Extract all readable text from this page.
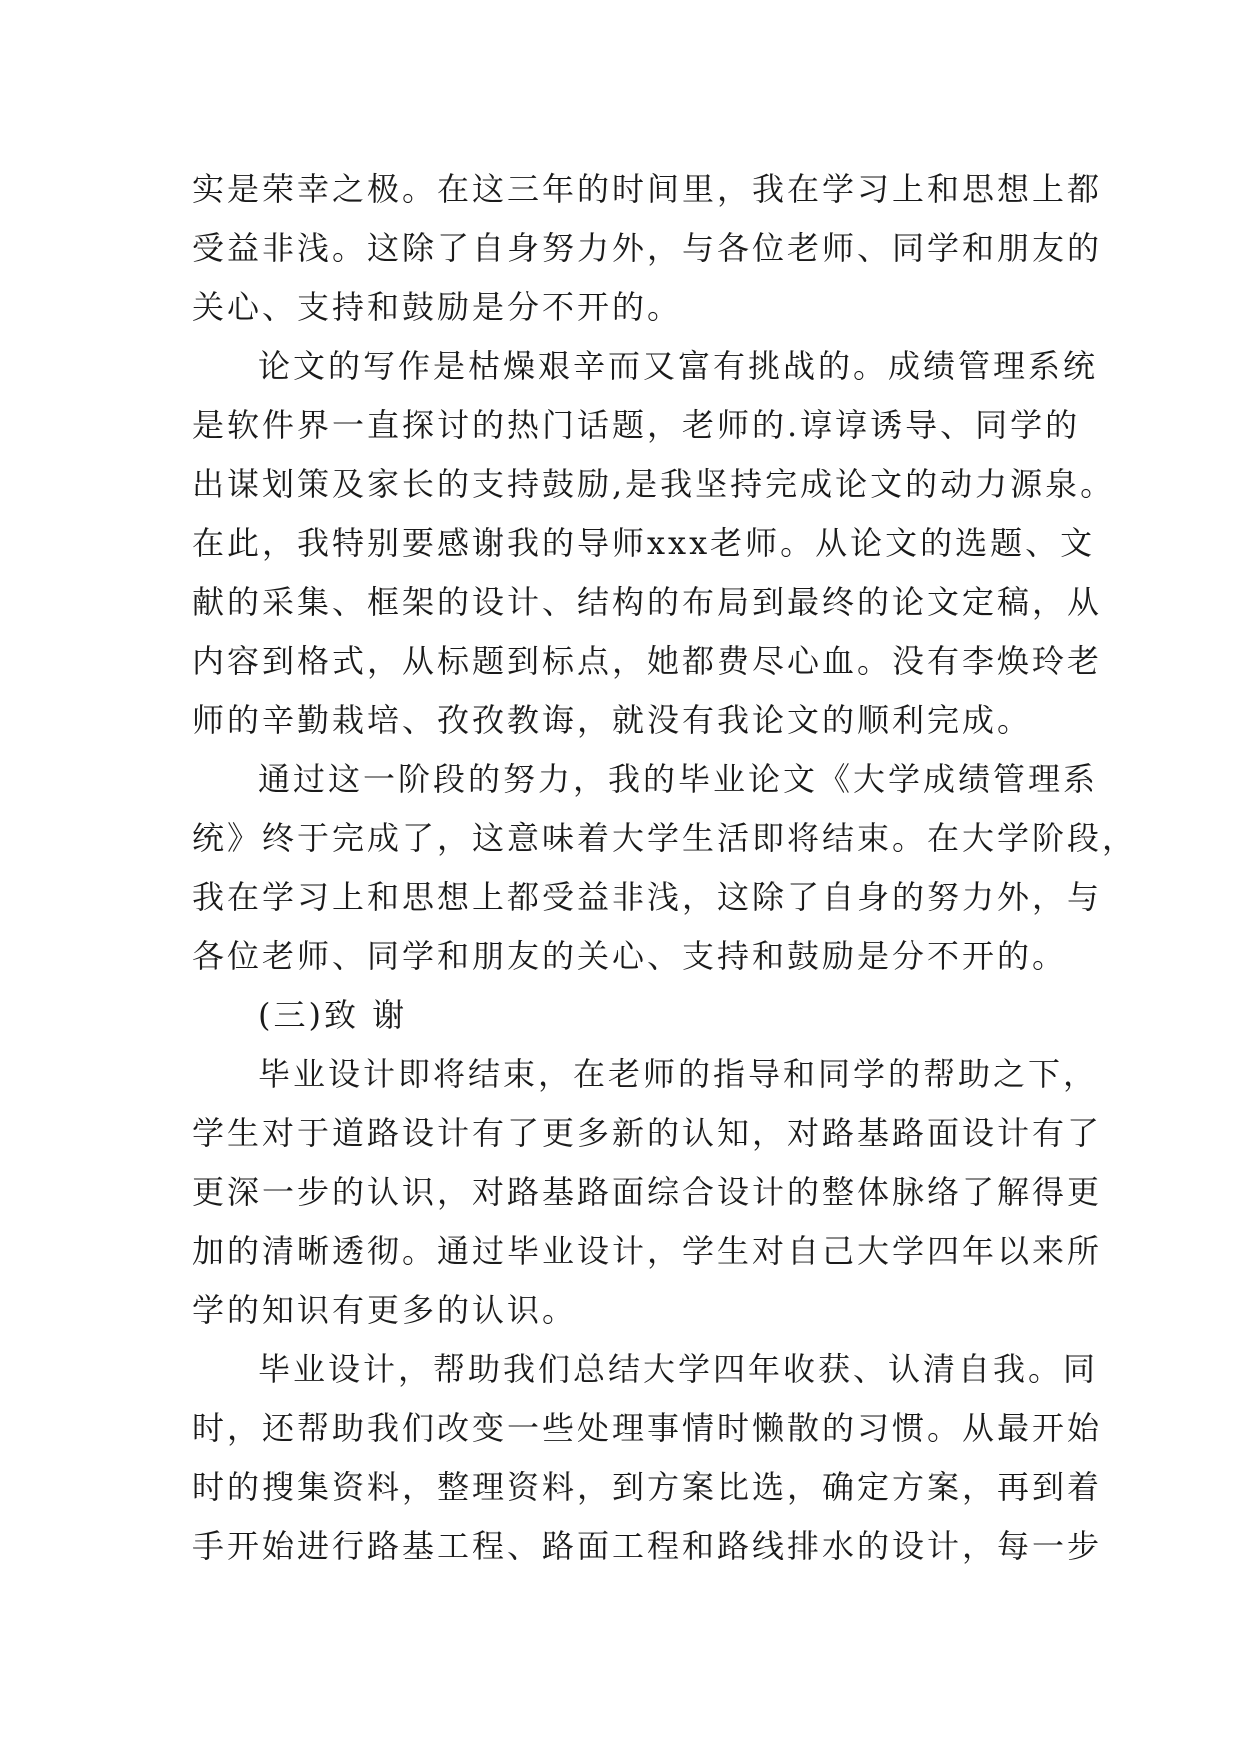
实是荣幸之极。在这三年的时间里，我在学习上和思想上都
受益非浅。这除了自身努力外，与各位老师、同学和朋友的
关心、支持和鼓励是分不开的。
论文的写作是枯燥艰辛而又富有挑战的。成绩管理系统
是软件界一直探讨的热门话题，老师的.谆谆诱导、同学的
出谋划策及家长的支持鼓励,是我坚持完成论文的动力源泉。
在此，我特别要感谢我的导师xxx老师。从论文的选题、文
献的采集、框架的设计、结构的布局到最终的论文定稿，从
内容到格式，从标题到标点，她都费尽心血。没有李焕玲老
师的辛勤栽培、孜孜教诲，就没有我论文的顺利完成。
通过这一阶段的努力，我的毕业论文《大学成绩管理系
统》终于完成了，这意味着大学生活即将结束。在大学阶段，
我在学习上和思想上都受益非浅，这除了自身的努力外，与
各位老师、同学和朋友的关心、支持和鼓励是分不开的。
(三)致 谢
毕业设计即将结束，在老师的指导和同学的帮助之下，
学生对于道路设计有了更多新的认知，对路基路面设计有了
更深一步的认识，对路基路面综合设计的整体脉络了解得更
加的清晰透彻。通过毕业设计，学生对自己大学四年以来所
学的知识有更多的认识。
毕业设计，帮助我们总结大学四年收获、认清自我。同
时，还帮助我们改变一些处理事情时懒散的习惯。从最开始
时的搜集资料，整理资料，到方案比选，确定方案，再到着
手开始进行路基工程、路面工程和路线排水的设计，每一步
